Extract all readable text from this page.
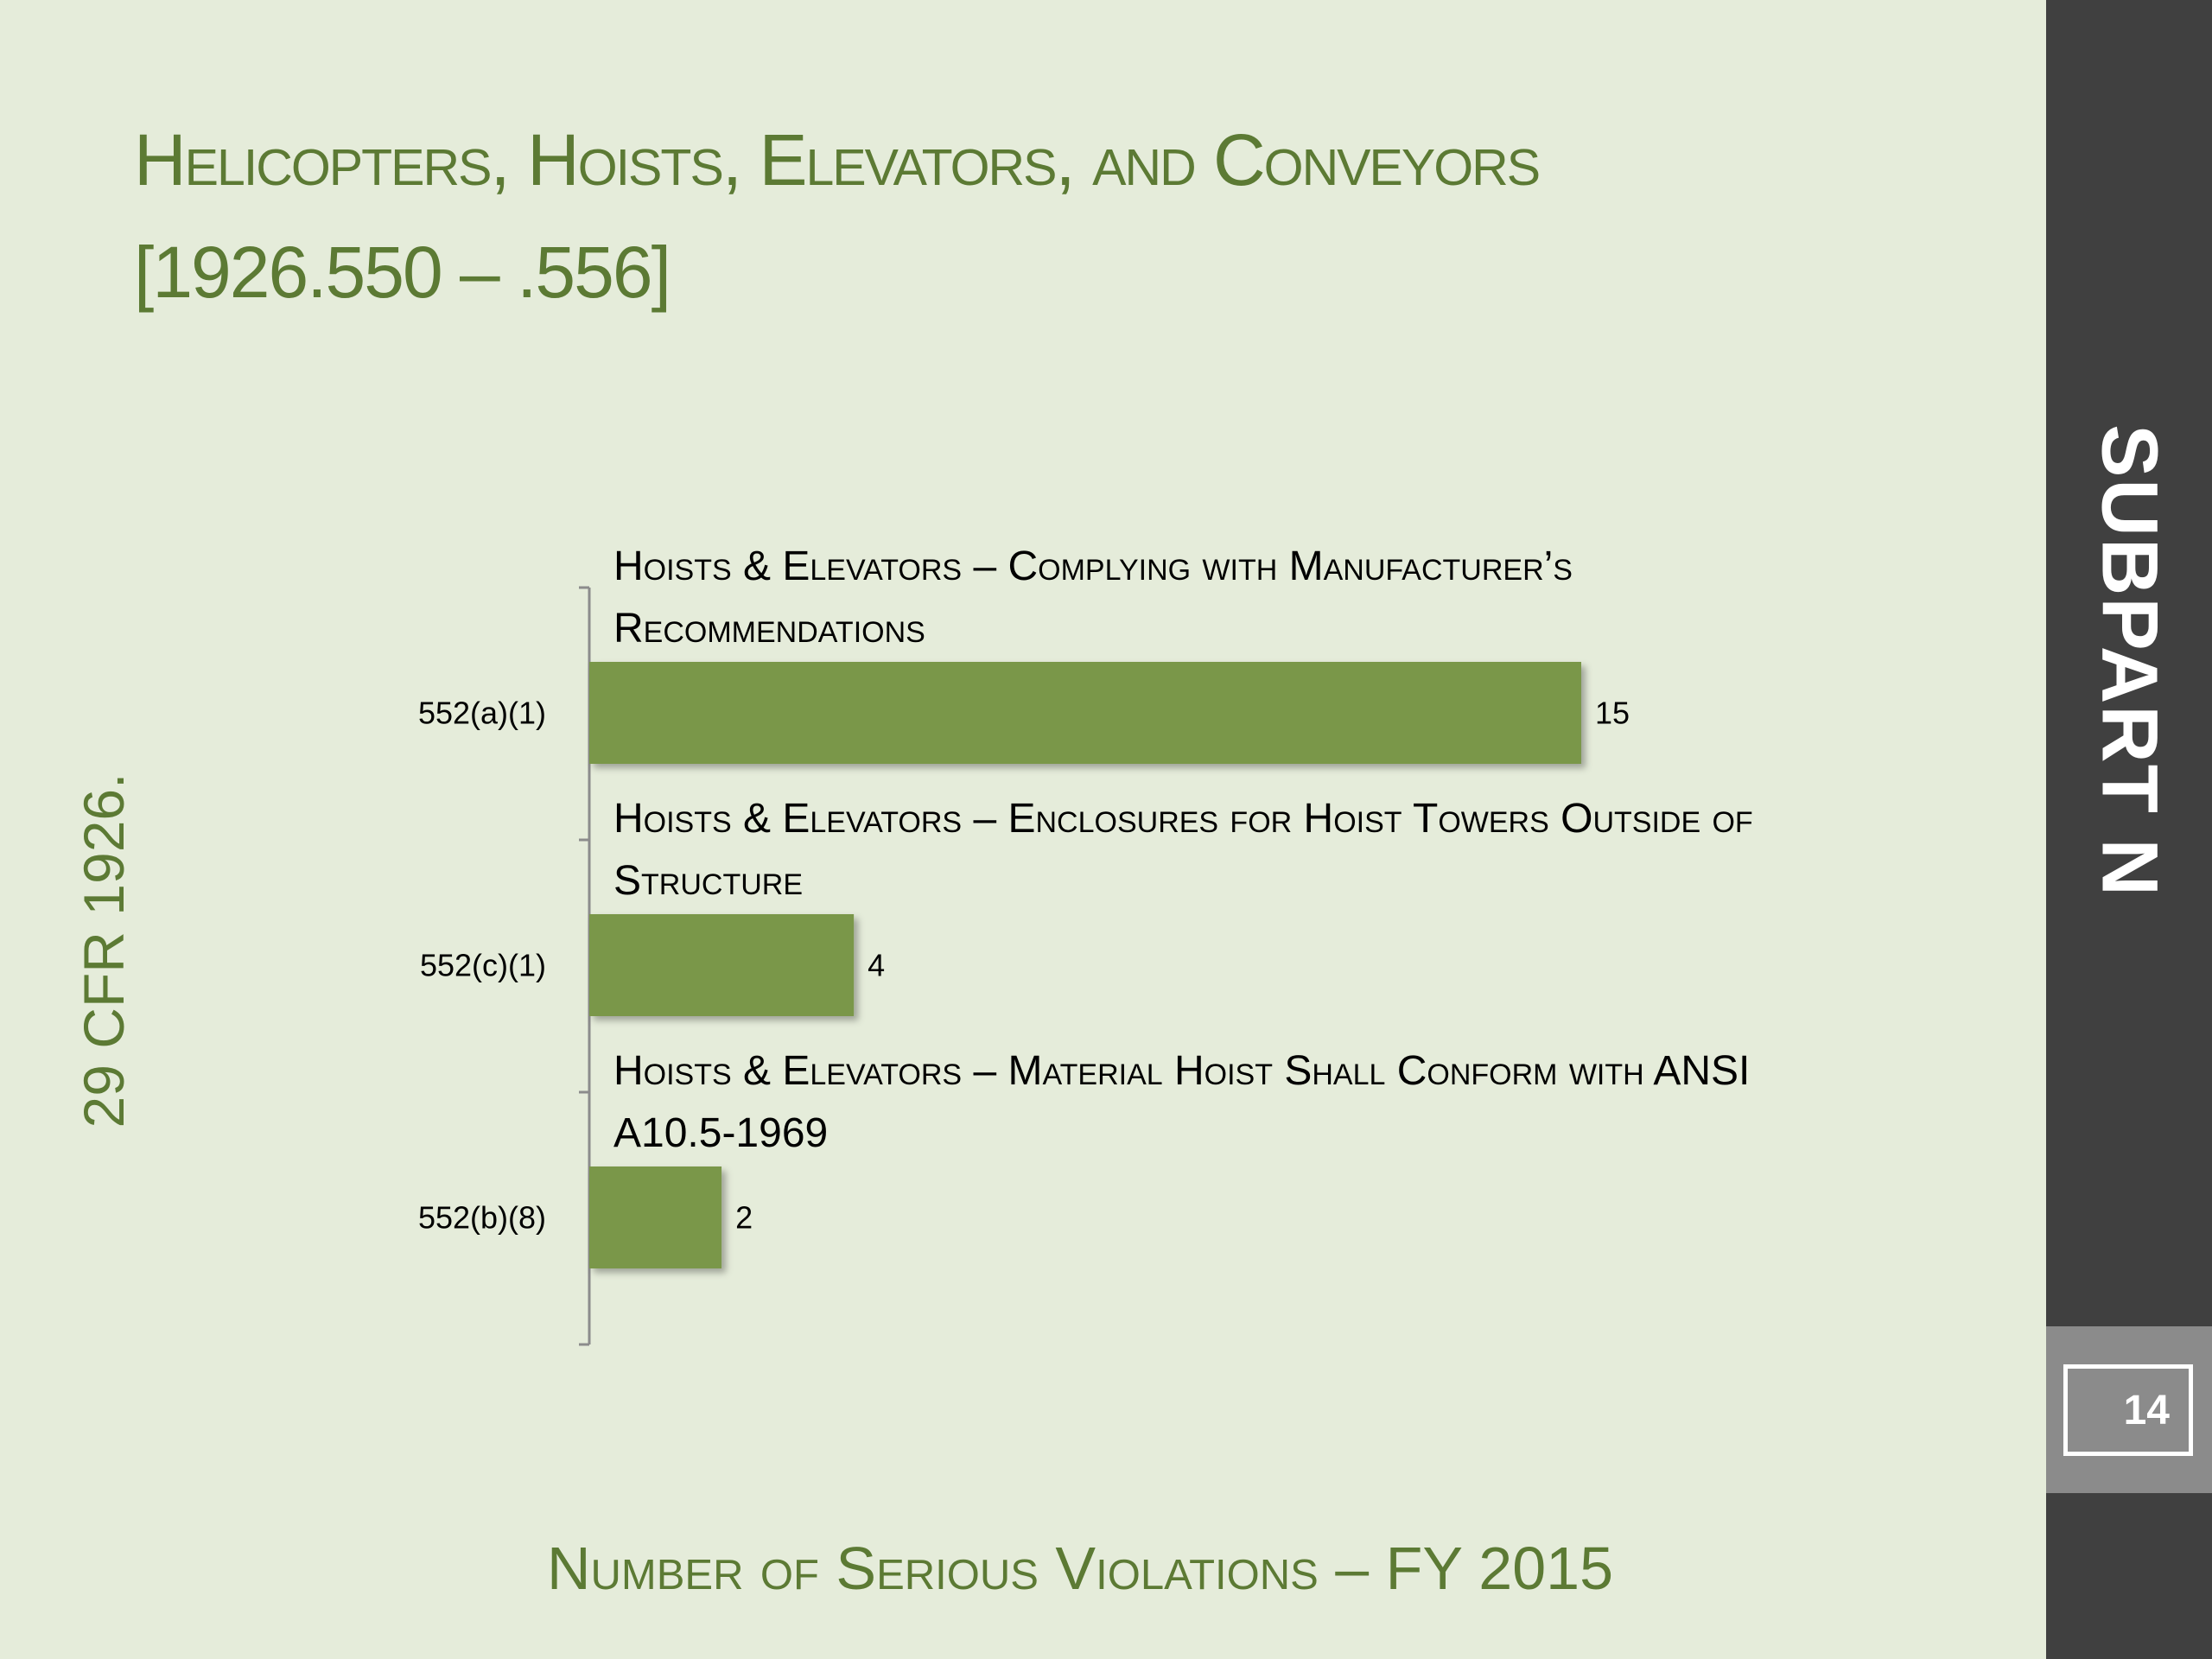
Helicopters, Hoists, Elevators, and Conveyors
[1926.550 – .556]
29 CFR 1926.
SUBPART N
14
552(a)(1)	15
552(c)(1)	4
552(b)(8)	2
Hoists & Elevators – Complying with Manufacturer’s Recommendations
Hoists & Elevators – Enclosures for Hoist Towers Outside of Structure
Hoists & Elevators – Material Hoist Shall Conform with ANSI A10.5-1969
Number of Serious Violations – FY 2015
